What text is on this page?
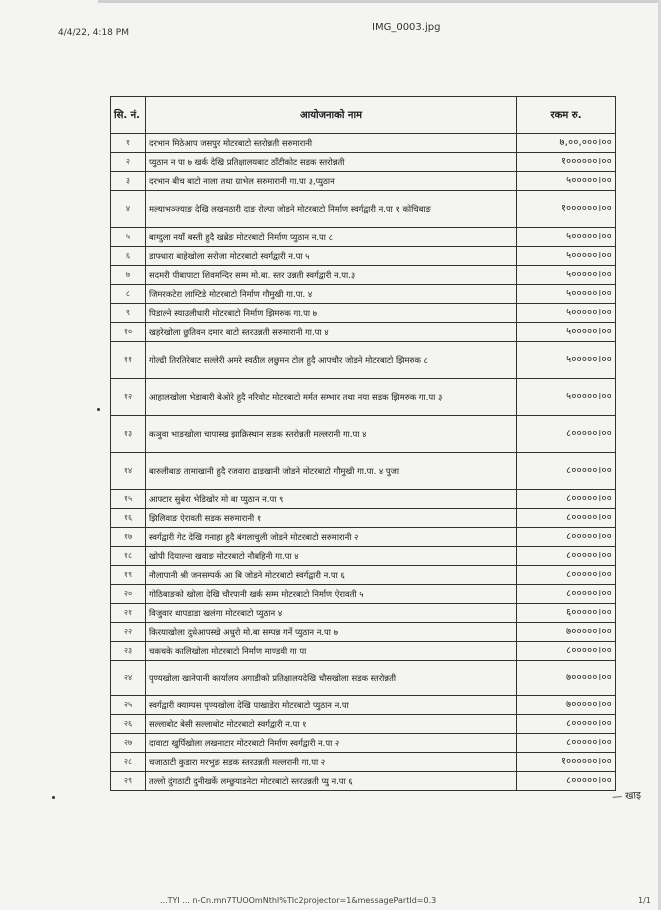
4/4/22, 4:18 PM	IMG_0003.jpg
सि. नं.	आयोजनाको नाम	रकम रु.
१	दरभान मिठेआप जसपुर मोटरबाटो स्तरोन्नती सरुमारानी	७,००,०००।००
२	प्युठान न पा ७ खर्क देखि प्रतिक्षालयबाट ठाँटीकोट सडक स्तरोन्नती	१००००००।००
३	दरभान बीच बाटो नाला तथा ग्राभेल सरुमारानी गा.पा ३,प्युठान	५०००००।००
४	मल्याभञ्ज्याङ देखि लखनठारी दाङ रोल्पा जोडने मोटरबाटो निर्माण स्वर्गद्वारी न.पा १ कोचिबाङ	१००००००।००
५	बाग्दुला नयाँ बस्ती हुदै खब्रेङ मोटरबाटो निर्माण प्युठान न.पा ८	५०००००।००
६	डाफ्धारा बाहेखोला सरोजा मोटरबाटो स्वर्गद्वारी न.पा ५	५०००००।००
७	सदमरी पीबापाटा शिवमन्दिर सम्म मो.बा. स्तर उन्नती स्वर्गद्वारी न.पा.३	५०००००।००
८	जिमरकटेरा लाम्टिडे मोटरबाटो निर्माण गौमुखी गा.पा. ४	५०००००।००
९	पिडाल्ने स्याउलीधारी मोटरबाटो निर्माण झिमरुक गा.पा ७	५०००००।००
१०	खहरेखोला छुतिवन दमार बाटो स्तरउन्नती सरुमारानी गा.पा ४	५०००००।००
११	गोल्ढी तिरतिरेबाट सल्लेरी अमरे स्वठील लछुमन टोल हुदै आपचौर जोडने मोटरबाटो झिमरुक ८	५०००००।००
१२	आहालखोला भेडाबारी बेओरे हुदै नरिवोट मोटरबाटो मर्मत सम्भार तथा नया सडक झिमरुक गा.पा ३	५०००००।००
१३	कञुवा भाङखोला चापास्ख झाक्रिस्थान सडक स्तरोन्नती मल्लरानी गा.पा ४	८०००००।००
१४	बारुलीबाङ तामाखानी हुदै रजवारा ढाडखानी जोडने मोटरबाटो गौमुखी गा.पा. ४ पुजा	८०००००।००
१५	आफ्टार सुबेरा भेडिखोर मो बा प्युठान न.पा ९	८०००००।००
१६	झिलिवाङ ऐरावती सडक सरुमारानी १	८०००००।००
१७	स्वर्गद्वारी गेट देखि गनाहा हुदै बंगलाचुली जोडने मोटरबाटो सरुमारानी २	८०००००।००
१८	खोपी दियाल्ना खवाङ मोटरबाटो नौबहिनी गा.पा ४	८०००००।००
१९	नौलापानी श्री जनसम्पर्क आ बि जोडने मोटरबाटो स्वर्गद्वारी न.पा ६	८०००००।००
२०	गोठिबाङको खोला देखि चौरपानी खर्क सम्म मोटरबाटो निर्माण ऐरावती ५	८०००००।००
२१	विजुवार थापडाडा खलंगा मोटरबाटो प्युठान ४	६०००००।००
२२	किरयाखोला दुधेआपस्खे अधुरो मो.बा सम्पन्न गर्ने प्युठान न.पा ७	७०००००।००
२३	चकचके कालिखोला मोटरबाटो निर्माण माण्डवी गा पा	८०००००।००
२४	पृण्यखोला खानेपानी कार्यालय अगाडीको प्रतिक्षालयदेखि चौसखोला सडक स्तरोन्नती	७०००००।००
२५	स्वर्गद्वारी क्याम्पस पृण्यखोला देखि पाखाडेरा मोटरबाटो प्युठान न.पा	७०००००।००
२६	सल्लाबोट बेसी सल्लाबोट मोटरबाटो स्वर्गद्वारी न.पा १	८०००००।००
२७	दावाटा खुर्पिखोला लखनाटार मोटरबाटो निर्माण स्वर्गद्वारी न.पा २	८०००००।००
२८	चजाठाटी कुडारा मरभुङ सडक स्तरउन्नती मल्लरानी गा.पा २	१००००००।००
२९	तल्लो दुंगठाटी दुनीखर्के लम्छुयाडनेटा मोटरबाटो स्तरउन्नती प्यु न.पा ६	८०००००।००
— खाइ
...TYI ... n-Cn.mn7TUOOmNthI%TIc2projector=1&messagePartId=0.3	1/1
